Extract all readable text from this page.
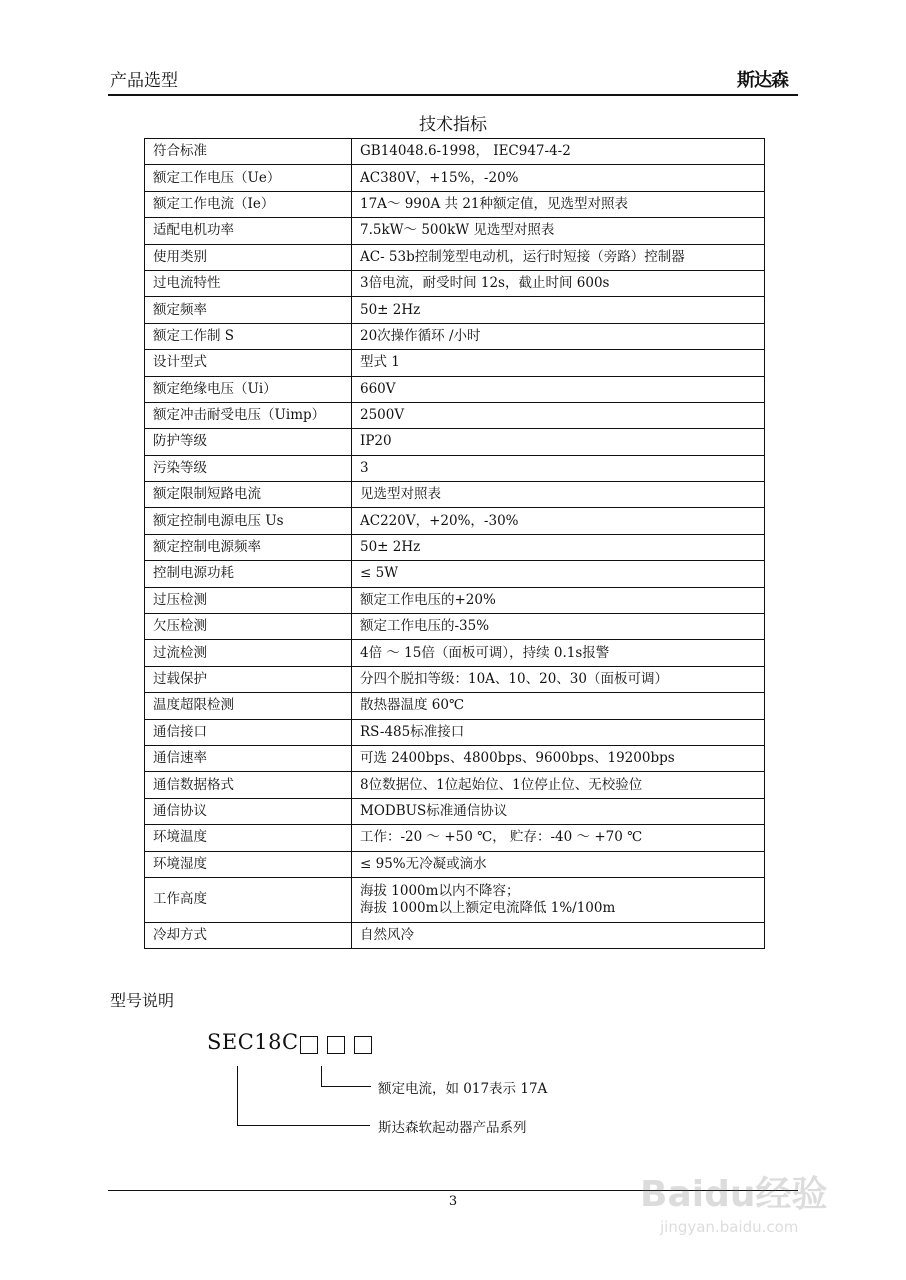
产品选型	斯达森
技术指标
符合标准	GB14048.6-1998， IEC947-4-2
额定工作电压（Ue）	AC380V，+15%，-20%
额定工作电流（Ie）	17A～ 990A 共 21种额定值，见选型对照表
适配电机功率	7.5kW～ 500kW 见选型对照表
使用类别	AC- 53b控制笼型电动机，运行时短接（旁路）控制器
过电流特性	3倍电流，耐受时间 12s，截止时间 600s
额定频率	50± 2Hz
额定工作制 S	20次操作循环 /小时
设计型式	型式 1
额定绝缘电压（Ui）	660V
额定冲击耐受电压（Uimp）	2500V
防护等级	IP20
污染等级	3
额定限制短路电流	见选型对照表
额定控制电源电压 Us	AC220V，+20%，-30%
额定控制电源频率	50± 2Hz
控制电源功耗	≤ 5W
过压检测	额定工作电压的+20%
欠压检测	额定工作电压的-35%
过流检测	4倍 ～ 15倍（面板可调），持续 0.1s报警
过载保护	分四个脱扣等级：10A、10、20、30（面板可调）
温度超限检测	散热器温度 60℃
通信接口	RS-485标准接口
通信速率	可选 2400bps、4800bps、9600bps、19200bps
通信数据格式	8位数据位、1位起始位、1位停止位、无校验位
通信协议	MODBUS标准通信协议
环境温度	工作：-20 ～ +50 ℃， 贮存：-40 ～ +70 ℃
环境湿度	≤ 95%无冷凝或滴水
工作高度	海拔 1000m以内不降容；
海拔 1000m以上额定电流降低 1%/100m

冷却方式	自然风冷
型号说明
SEC18C
额定电流，如 017表示 17A
斯达森软起动器产品系列
3	Baidu经验
jingyan.baidu.com
